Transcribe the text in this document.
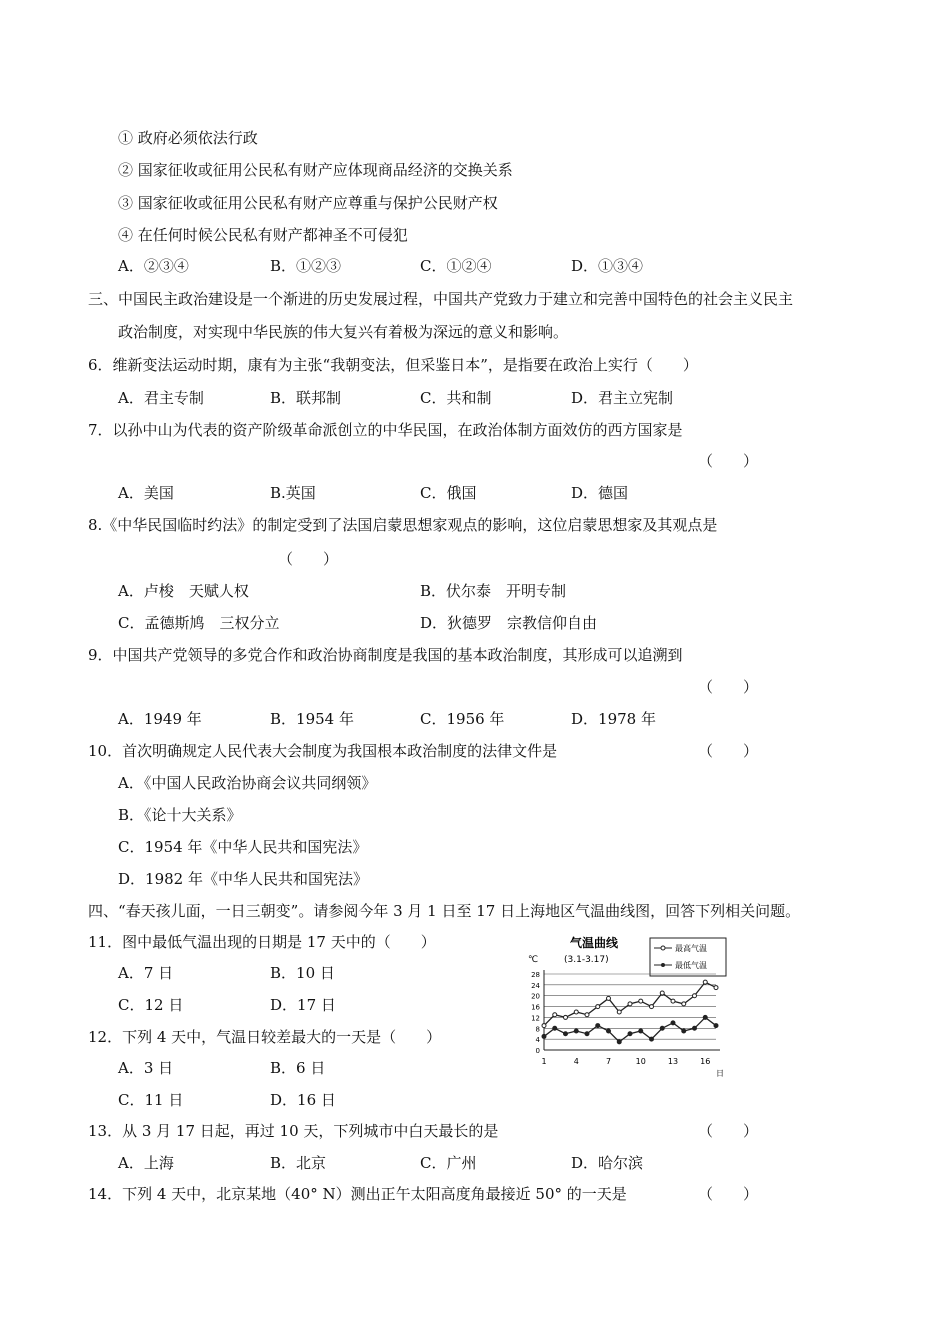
① 政府必须依法行政
② 国家征收或征用公民私有财产应体现商品经济的交换关系
③ 国家征收或征用公民私有财产应尊重与保护公民财产权
④ 在任何时候公民私有财产都神圣不可侵犯
A．②③④	B．①②③	C．①②④	D．①③④
三、中国民主政治建设是一个渐进的历史发展过程，中国共产党致力于建立和完善中国特色的社会主义民主
政治制度，对实现中华民族的伟大复兴有着极为深远的意义和影响。
6．维新变法运动时期，康有为主张“我朝变法，但采鉴日本”，是指要在政治上实行（　　）
A．君主专制	B．联邦制	C．共和制	D．君主立宪制
7．以孙中山为代表的资产阶级革命派创立的中华民国，在政治体制方面效仿的西方国家是
（　　）
A．美国	B.英国	C．俄国	D．德国
8.《中华民国临时约法》的制定受到了法国启蒙思想家观点的影响，这位启蒙思想家及其观点是
（　　）
A．卢梭　天赋人权	B．伏尔泰　开明专制
C．孟德斯鸠　三权分立	D．狄德罗　宗教信仰自由
9．中国共产党领导的多党合作和政治协商制度是我国的基本政治制度，其形成可以追溯到
（　　）
A．1949 年	B．1954 年	C．1956 年	D．1978 年
10．首次明确规定人民代表大会制度为我国根本政治制度的法律文件是	（　　）
A．《中国人民政治协商会议共同纲领》
B．《论十大关系》
C．1954 年《中华人民共和国宪法》
D．1982 年《中华人民共和国宪法》
四、“春天孩儿面，一日三朝变”。请参阅今年 3 月 1 日至 17 日上海地区气温曲线图，回答下列相关问题。
11．图中最低气温出现的日期是 17 天中的（　　）
A．7 日	B．10 日
C．12 日	D．17 日
12．下列 4 天中，气温日较差最大的一天是（　　）
A．3 日	B．6 日
C．11 日	D．16 日
13．从 3 月 17 日起，再过 10 天，下列城市中白天最长的是	（　　）
A．上海	B．北京	C．广州	D．哈尔滨
14．下列 4 天中，北京某地（40° N）测出正午太阳高度角最接近 50° 的一天是	（　　）
气温曲线
(3.1-3.17)
℃
日
最高气温
最低气温
0
4
8
12
16
20
24
28
1	4	7	10	13	16
